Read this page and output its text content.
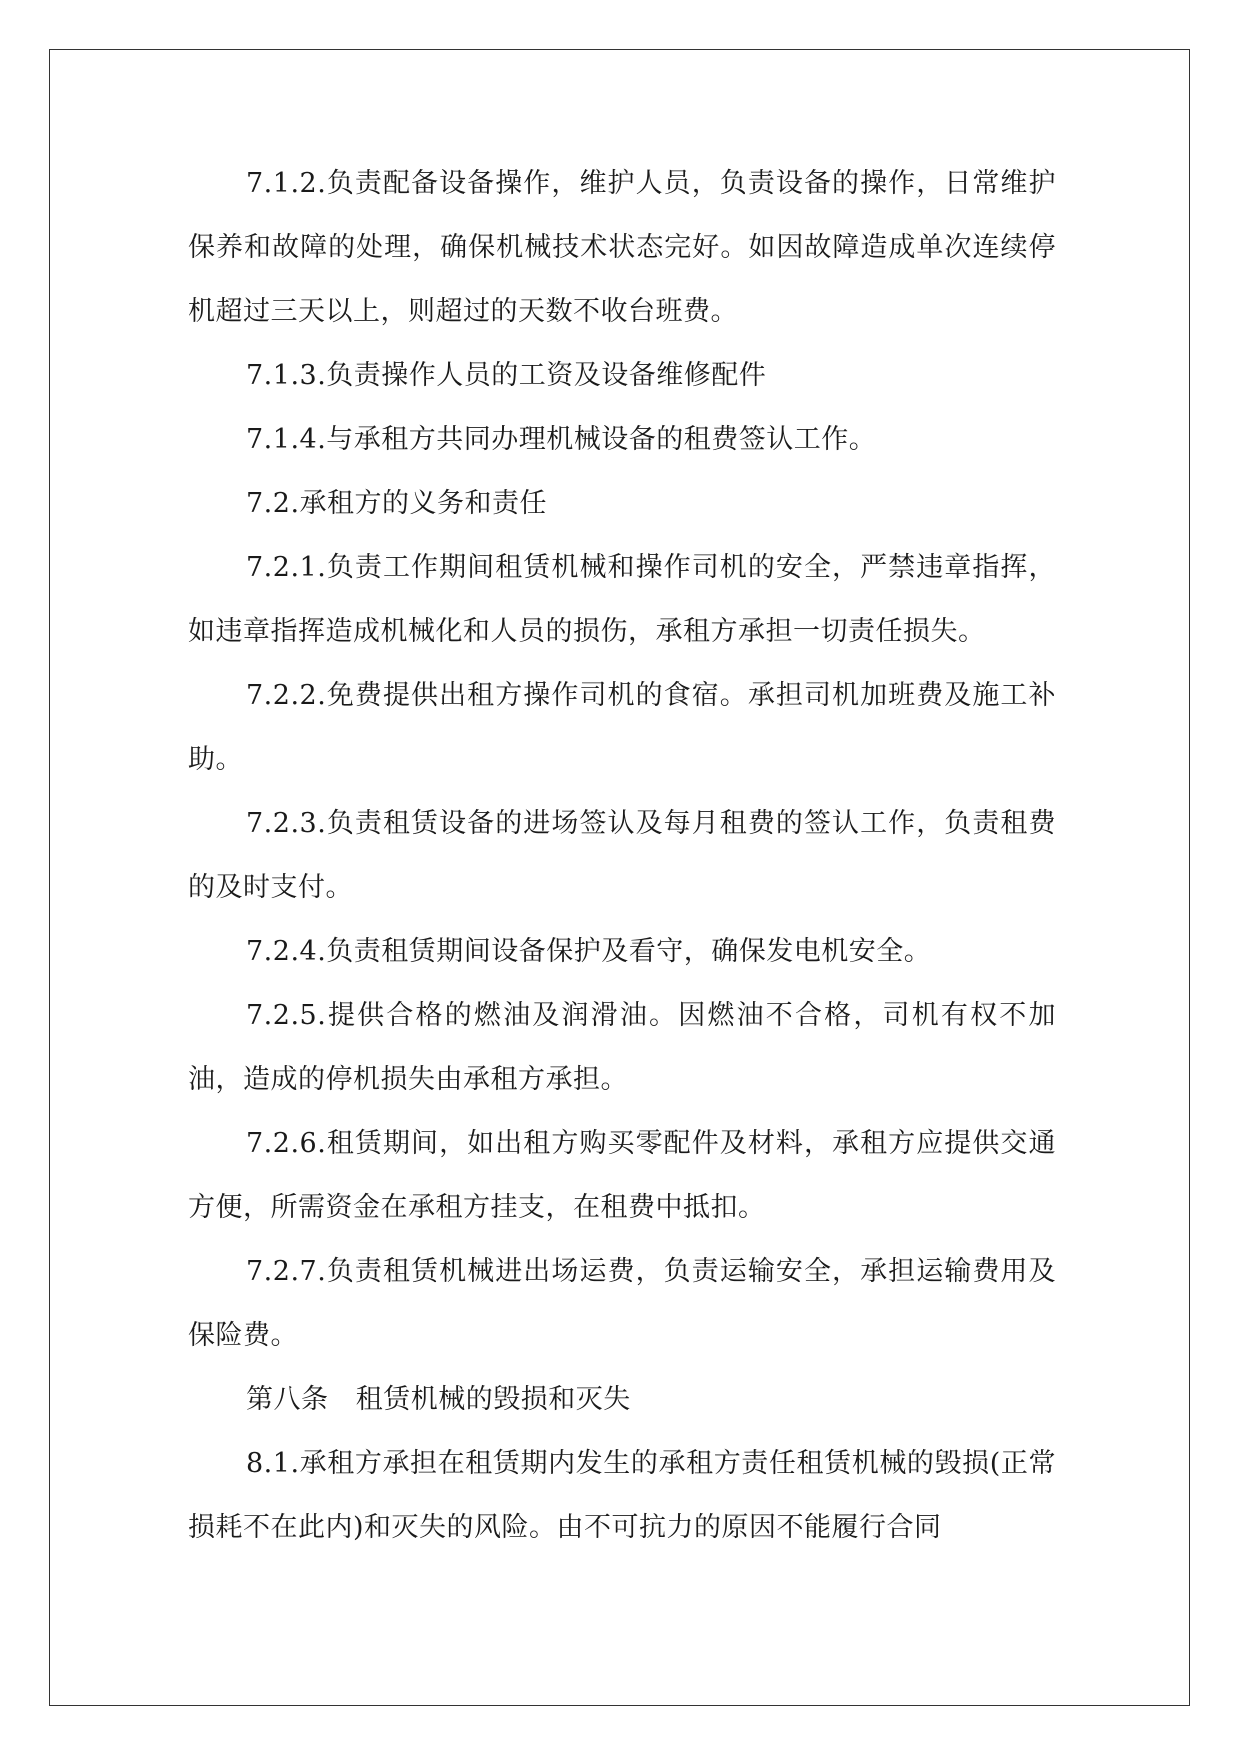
7.1.2.负责配备设备操作，维护人员，负责设备的操作，日常维护保养和故障的处理，确保机械技术状态完好。如因故障造成单次连续停机超过三天以上，则超过的天数不收台班费。

7.1.3.负责操作人员的工资及设备维修配件

7.1.4.与承租方共同办理机械设备的租费签认工作。

7.2.承租方的义务和责任

7.2.1.负责工作期间租赁机械和操作司机的安全，严禁违章指挥，如违章指挥造成机械化和人员的损伤，承租方承担一切责任损失。

7.2.2.免费提供出租方操作司机的食宿。承担司机加班费及施工补助。

7.2.3.负责租赁设备的进场签认及每月租费的签认工作，负责租费的及时支付。

7.2.4.负责租赁期间设备保护及看守，确保发电机安全。

7.2.5.提供合格的燃油及润滑油。因燃油不合格，司机有权不加油，造成的停机损失由承租方承担。

7.2.6.租赁期间，如出租方购买零配件及材料，承租方应提供交通方便，所需资金在承租方挂支，在租费中抵扣。

7.2.7.负责租赁机械进出场运费，负责运输安全，承担运输费用及保险费。

第八条   租赁机械的毁损和灭失

8.1.承租方承担在租赁期内发生的承租方责任租赁机械的毁损(正常损耗不在此内)和灭失的风险。由不可抗力的原因不能履行合同
